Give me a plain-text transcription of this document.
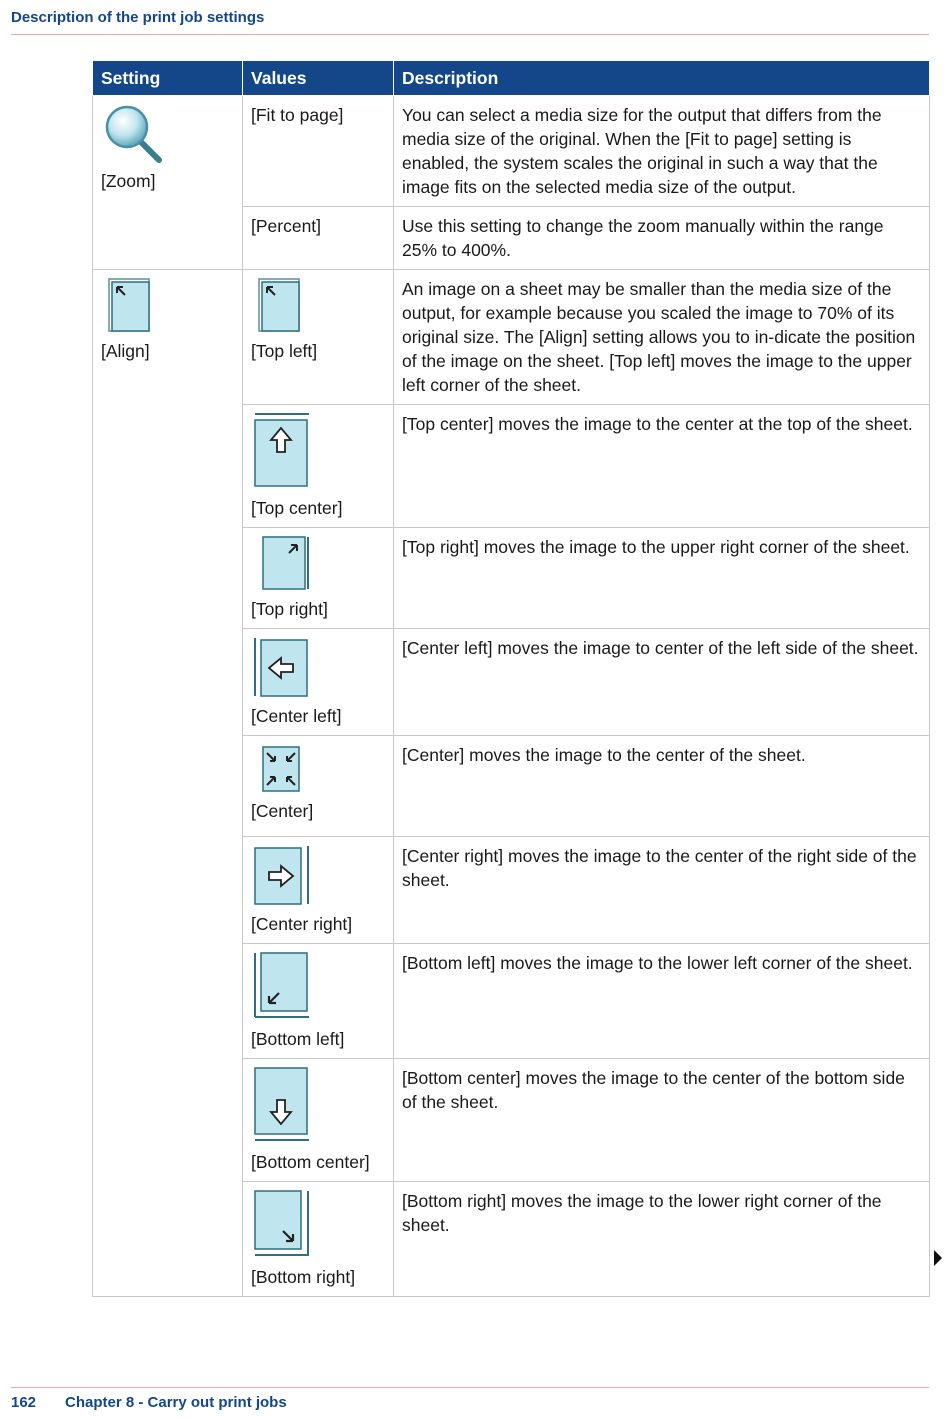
Description of the print job settings
Setting	Values	Description

[Zoom]	[Fit to page]	You can select a media size for the output that differs from the media size of the original. When the [Fit to page] setting is enabled, the system scales the original in such a way that the image fits on the selected media size of the output.

	[Percent]	Use this setting to change the zoom manually within the range 25% to 400%.

[Align]	[Top left]	An image on a sheet may be smaller than the media size of the output, for example because you scaled the image to 70% of its original size. The [Align] setting allows you to in-dicate the position of the image on the sheet. [Top left] moves the image to the upper left corner of the sheet.

	[Top center]	[Top center] moves the image to the center at the top of the sheet.

	[Top right]	[Top right] moves the image to the upper right corner of the sheet.

	[Center left]	[Center left] moves the image to center of the left side of the sheet.

	[Center]	[Center] moves the image to the center of the sheet.

	[Center right]	[Center right] moves the image to the center of the right side of the sheet.

	[Bottom left]	[Bottom left] moves the image to the lower left corner of the sheet.

	[Bottom center]	[Bottom center] moves the image to the center of the bottom side of the sheet.

	[Bottom right]	[Bottom right] moves the image to the lower right corner of the sheet.
162 Chapter 8 - Carry out print jobs
